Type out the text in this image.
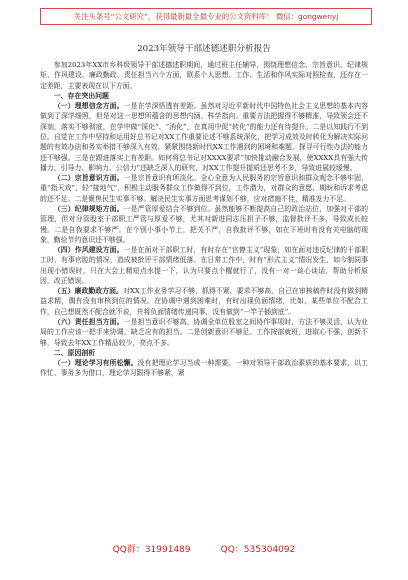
关注头条号“公文研究”，获得最新最全最专业的公文资料库！ 微信：gongwenyj
2023年领导干部述德述职分析报告

参加2023年XX市乡科级领导干部述德述职期间，通过班主任辅导，围绕理想信念、宗旨意识、纪律规矩、作风建设、廉政勤政、责任担当六个方面，联系个人思想、工作、生活和作风实际对照检查，还存在一定差距，主要表现在以下方面。

一、存在突出问题

（一）理想信念方面。一是在学深悟透有差距。虽然对习近平新时代中国特色社会主义思想的基本内容做到了深学细照，但是对这一思想所蕴含的思想内涵、科学指向、重要方法把握得不够精准，导致领会还不深刻，落实不够彻底，在学中做“深化”、“消化”，在真用中促“转化”的能力还有待提升。二是以知践行不到位。自觉在工作中坚持和运用好总书记对XX工作重要论述不够系统深化，把学习成效及时转化为解决实际问题的有效办法和务实举措不够深入有效，紧紧围绕新时代XX工作遇到的困境和难题，探寻可行性办法的能力还不够强。三是在跟进落实上有差距。如何将总书记对XXXX要求“加快推动融合发展，使XXXX具有强大传播力、引导力、影响力、公信力”还缺乏深入的研究，对XX工作提升提质还思考不多，导致进展较缓慢。

（二）宗旨意识方面。一是宗旨意识有所淡化。全心全意为人民服务的宗旨意识和群众观念不够牢固，重“指天戏”，轻“接地气”，积极主动服务群众工作做得不到位，工作潜力，对群众的意愿、期盼和诉求考虑的还不足。二是聚焦民生实事不够。解决民生实事方面思考谋划不够，应对措施不佳，精准发力不足。

（三）纪律规矩方面。一是严管厚爱结合不够到位。虽然能够不断提高自己的政治站位，加强对干部的管理，但对分管股室干部职工严管与厚爱不够，尤其对新进同志压担子不够，监督批评不多，导致成长较慢。二是自我要求不够严。在个别小事小节上，把关不严，自我批评不够，如在下班时有没有关电脑的现象，勤俭节约意识还不够强。

（四）作风建设方面。一是在面对干部职工时，有时存在“官僚主义”现象，如在面对违反纪律的干部职工时，有事官腔的情况，造成被批评干部情绪低落。在日常工作中，时有“形式主义”情况发生，如今制同事出现小错误时，只在大会上精短点水提一下，认为只要点个醒就行了，没有一对一谈心谈话，帮助分析原因，改正错误。

（五）廉政勤政方面。对XX工作业务学习不够，抓得不紧，要求不够高，自己在审核稿件时没有做到精益求精，偶有没有审核到位的情况。在协调中遇到困难时，有时出现负面情绪，比如，某些单位不配合工作，自己想既然不配合就不说，并将负面情绪传递同事，没有做到“一竿子插到底”。

（六）责任担当方面。一是担当意识不够高。协调全单位股室之间协作事项时，方法不够灵活，认为业局的工作应该一把手来协调，缺乏应有的担当。二是创新意识不够足。工作按部就班，进取心不强，创新不够，导致去年XX工作精品较少，亮点不多。

二、原因剖析

（一）理论学习有所松懈。没有把理论学习当成一种需要，一种对领导干部政治素质的基本要求，以工作忙、事务多为借口，理论学习跟得不够紧，紧

QQ群：31991489	QQ：535304092
